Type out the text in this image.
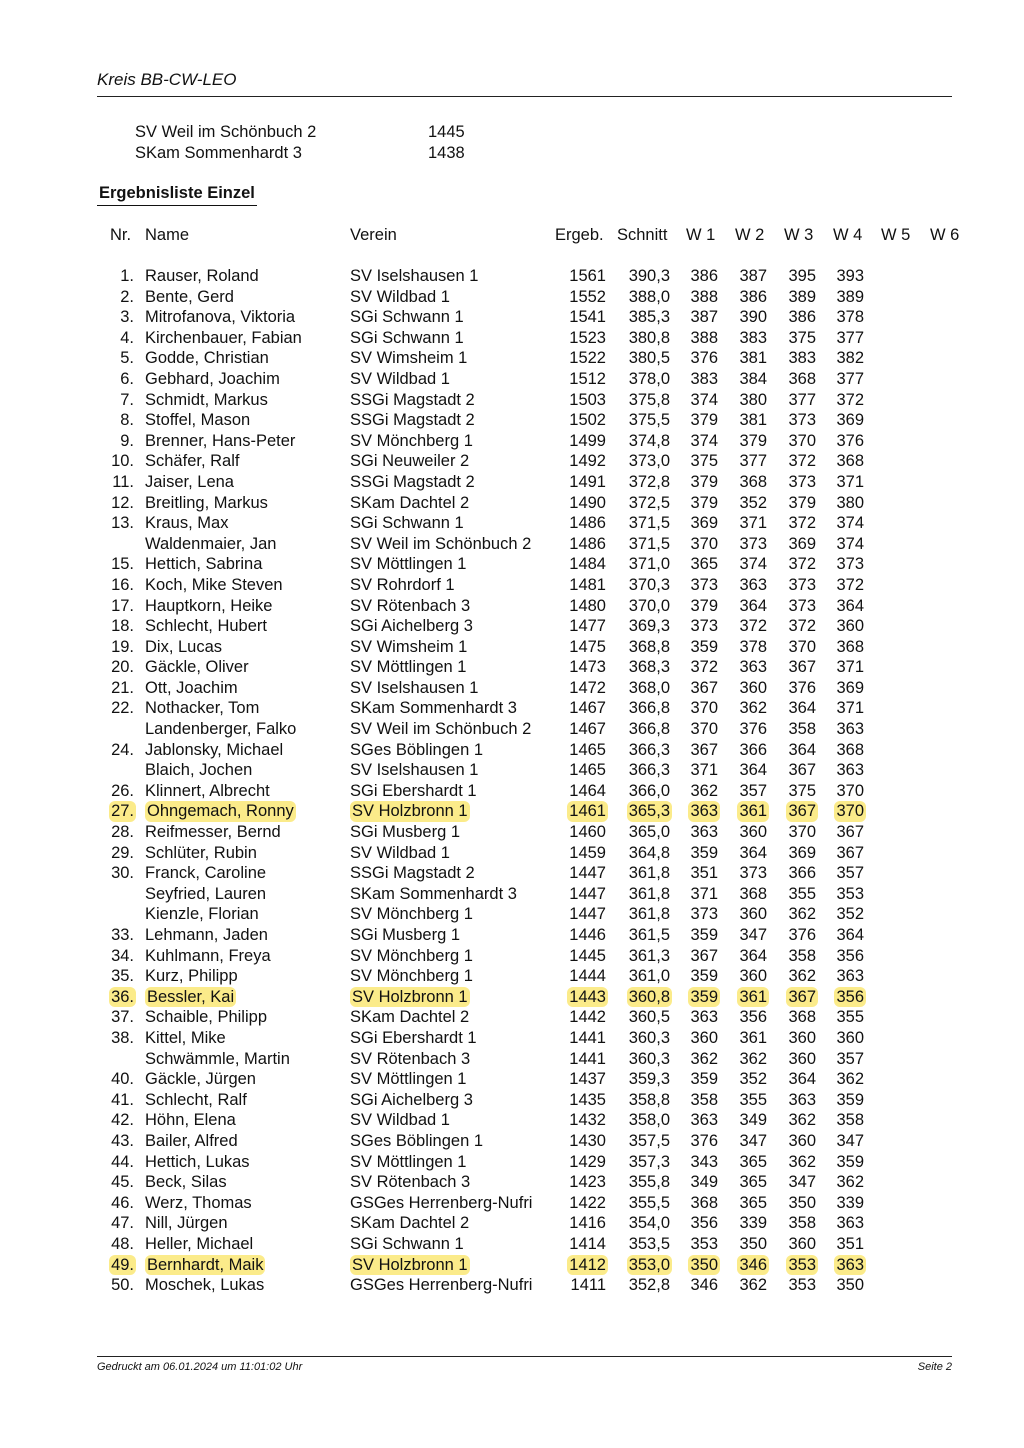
Kreis BB-CW-LEO
SV Weil im Schönbuch 2	1445
SKam Sommenhardt 3	1438
Ergebnisliste Einzel
Nr. Name	Verein	Ergeb. Schnitt W 1 W 2 W 3 W 4 W 5 W 6
1. Rauser, Roland	SV Iselshausen 1	1561 390,3 386 387 395 393
2. Bente, Gerd	SV Wildbad 1	1552 388,0 388 386 389 389
3. Mitrofanova, Viktoria	SGi Schwann 1	1541 385,3 387 390 386 378
4. Kirchenbauer, Fabian	SGi Schwann 1	1523 380,8 388 383 375 377
5. Godde, Christian	SV Wimsheim 1	1522 380,5 376 381 383 382
6. Gebhard, Joachim	SV Wildbad 1	1512 378,0 383 384 368 377
7. Schmidt, Markus	SSGi Magstadt 2	1503 375,8 374 380 377 372
8. Stoffel, Mason	SSGi Magstadt 2	1502 375,5 379 381 373 369
9. Brenner, Hans-Peter	SV Mönchberg 1	1499 374,8 374 379 370 376
10. Schäfer, Ralf	SGi Neuweiler 2	1492 373,0 375 377 372 368
11. Jaiser, Lena	SSGi Magstadt 2	1491 372,8 379 368 373 371
12. Breitling, Markus	SKam Dachtel 2	1490 372,5 379 352 379 380
13. Kraus, Max	SGi Schwann 1	1486 371,5 369 371 372 374
Waldenmaier, Jan	SV Weil im Schönbuch 2 1486 371,5 370 373 369 374
15. Hettich, Sabrina	SV Möttlingen 1	1484 371,0 365 374 372 373
16. Koch, Mike Steven	SV Rohrdorf 1	1481 370,3 373 363 373 372
17. Hauptkorn, Heike	SV Rötenbach 3	1480 370,0 379 364 373 364
18. Schlecht, Hubert	SGi Aichelberg 3	1477 369,3 373 372 372 360
19. Dix, Lucas	SV Wimsheim 1	1475 368,8 359 378 370 368
20. Gäckle, Oliver	SV Möttlingen 1	1473 368,3 372 363 367 371
21. Ott, Joachim	SV Iselshausen 1	1472 368,0 367 360 376 369
22. Nothacker, Tom	SKam Sommenhardt 3	1467 366,8 370 362 364 371
Landenberger, Falko	SV Weil im Schönbuch 2 1467 366,8 370 376 358 363
24. Jablonsky, Michael	SGes Böblingen 1	1465 366,3 367 366 364 368
Blaich, Jochen	SV Iselshausen 1	1465 366,3 371 364 367 363
26. Klinnert, Albrecht	SGi Ebershardt 1	1464 366,0 362 357 375 370
27. Ohngemach, Ronny	SV Holzbronn 1	1461 365,3 363 361 367 370
28. Reifmesser, Bernd	SGi Musberg 1	1460 365,0 363 360 370 367
29. Schlüter, Rubin	SV Wildbad 1	1459 364,8 359 364 369 367
30. Franck, Caroline	SSGi Magstadt 2	1447 361,8 351 373 366 357
Seyfried, Lauren	SKam Sommenhardt 3	1447 361,8 371 368 355 353
Kienzle, Florian	SV Mönchberg 1	1447 361,8 373 360 362 352
33. Lehmann, Jaden	SGi Musberg 1	1446 361,5 359 347 376 364
34. Kuhlmann, Freya	SV Mönchberg 1	1445 361,3 367 364 358 356
35. Kurz, Philipp	SV Mönchberg 1	1444 361,0 359 360 362 363
36. Bessler, Kai	SV Holzbronn 1	1443 360,8 359 361 367 356
37. Schaible, Philipp	SKam Dachtel 2	1442 360,5 363 356 368 355
38. Kittel, Mike	SGi Ebershardt 1	1441 360,3 360 361 360 360
Schwämmle, Martin	SV Rötenbach 3	1441 360,3 362 362 360 357
40. Gäckle, Jürgen	SV Möttlingen 1	1437 359,3 359 352 364 362
41. Schlecht, Ralf	SGi Aichelberg 3	1435 358,8 358 355 363 359
42. Höhn, Elena	SV Wildbad 1	1432 358,0 363 349 362 358
43. Bailer, Alfred	SGes Böblingen 1	1430 357,5 376 347 360 347
44. Hettich, Lukas	SV Möttlingen 1	1429 357,3 343 365 362 359
45. Beck, Silas	SV Rötenbach 3	1423 355,8 349 365 347 362
46. Werz, Thomas	GSGes Herrenberg-Nufri 1422 355,5 368 365 350 339
47. Nill, Jürgen	SKam Dachtel 2	1416 354,0 356 339 358 363
48. Heller, Michael	SGi Schwann 1	1414 353,5 353 350 360 351
49. Bernhardt, Maik	SV Holzbronn 1	1412 353,0 350 346 353 363
50. Moschek, Lukas	GSGes Herrenberg-Nufri 1411 352,8 346 362 353 350
Gedruckt am 06.01.2024 um 11:01:02 Uhr	Seite 2
